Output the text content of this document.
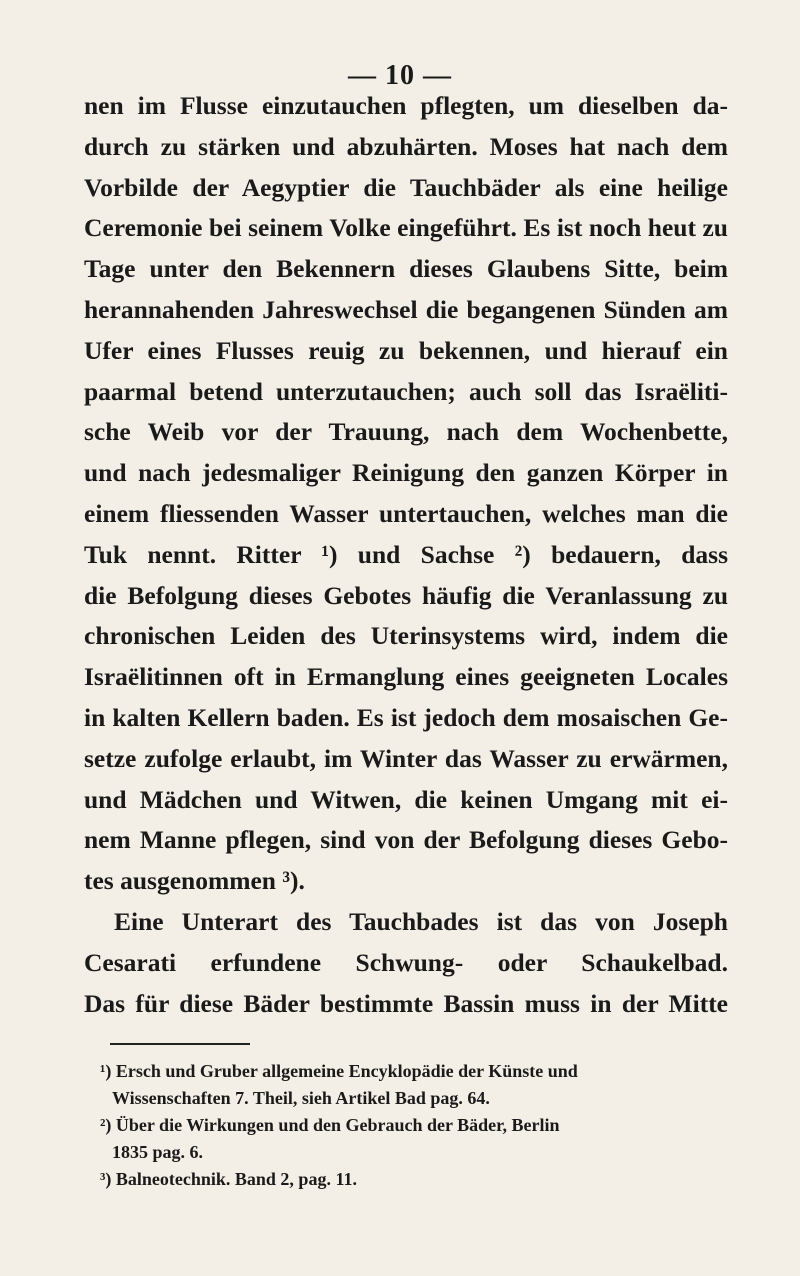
— 10 —
nen im Flusse einzutauchen pflegten, um dieselben da-
durch zu stärken und abzuhärten. Moses hat nach dem
Vorbilde der Aegyptier die Tauchbäder als eine heilige
Ceremonie bei seinem Volke eingeführt. Es ist noch heut zu
Tage unter den Bekennern dieses Glaubens Sitte, beim
herannahenden Jahreswechsel die begangenen Sünden am
Ufer eines Flusses reuig zu bekennen, und hierauf ein
paarmal betend unterzutauchen; auch soll das Israëliti-
sche Weib vor der Trauung, nach dem Wochenbette,
und nach jedesmaliger Reinigung den ganzen Körper in
einem fliessenden Wasser untertauchen, welches man die
Tuk nennt. Ritter ¹) und Sachse ²) bedauern, dass
die Befolgung dieses Gebotes häufig die Veranlassung zu
chronischen Leiden des Uterinsystems wird, indem die
Israëlitinnen oft in Ermanglung eines geeigneten Locales
in kalten Kellern baden. Es ist jedoch dem mosaischen Ge-
setze zufolge erlaubt, im Winter das Wasser zu erwärmen,
und Mädchen und Witwen, die keinen Umgang mit ei-
nem Manne pflegen, sind von der Befolgung dieses Gebo-
tes ausgenommen ³).
Eine Unterart des Tauchbades ist das von Joseph
Cesarati erfundene Schwung- oder Schaukelbad.
Das für diese Bäder bestimmte Bassin muss in der Mitte
¹) Ersch und Gruber allgemeine Encyklopädie der Künste und
Wissenschaften 7. Theil, sieh Artikel Bad pag. 64.
²) Über die Wirkungen und den Gebrauch der Bäder, Berlin
1835 pag. 6.
³) Balneotechnik. Band 2, pag. 11.
